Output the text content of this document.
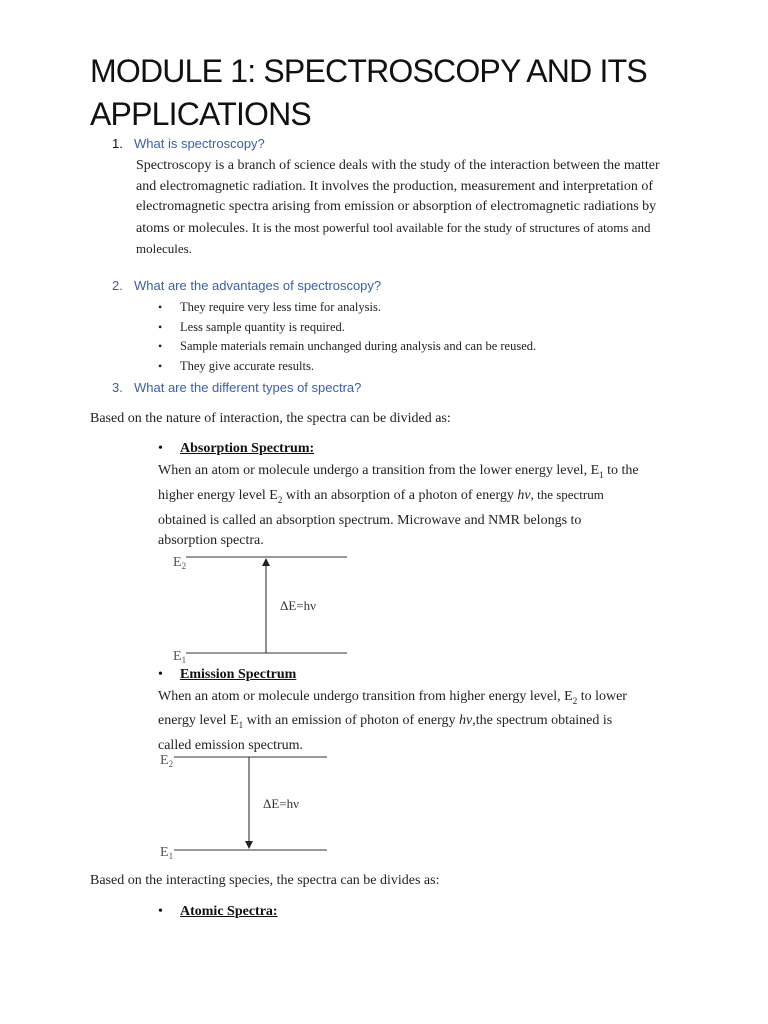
MODULE 1: SPECTROSCOPY AND ITS APPLICATIONS
1. What is spectroscopy?
Spectroscopy is a branch of science deals with the study of the interaction between the matter and electromagnetic radiation. It involves the production, measurement and interpretation of electromagnetic spectra arising from emission or absorption of electromagnetic radiations by atoms or molecules. It is the most powerful tool available for the study of structures of atoms and molecules.
2. What are the advantages of spectroscopy?
• They require very less time for analysis.
• Less sample quantity is required.
• Sample materials remain unchanged during analysis and can be reused.
• They give accurate results.
3. What are the different types of spectra?
Based on the nature of interaction, the spectra can be divided as:
• Absorption Spectrum:
When an atom or molecule undergo a transition from the lower energy level, $E_1$ to the
higher energy level $E_2$ with an absorption of a photon of energy hν, the spectrum
obtained is called an absorption spectrum. Microwave and NMR belongs to
absorption spectra.
$E_2$
$E_1$
ΔE=hν
$E_2$
$E_1$
ΔE=hν
• Emission Spectrum
When an atom or molecule undergo transition from higher energy level, $E_2$ to lower
energy level $E_1$ with an emission of photon of energy hν,the spectrum obtained is
called emission spectrum.
Based on the interacting species, the spectra can be divides as:
• Atomic Spectra:
